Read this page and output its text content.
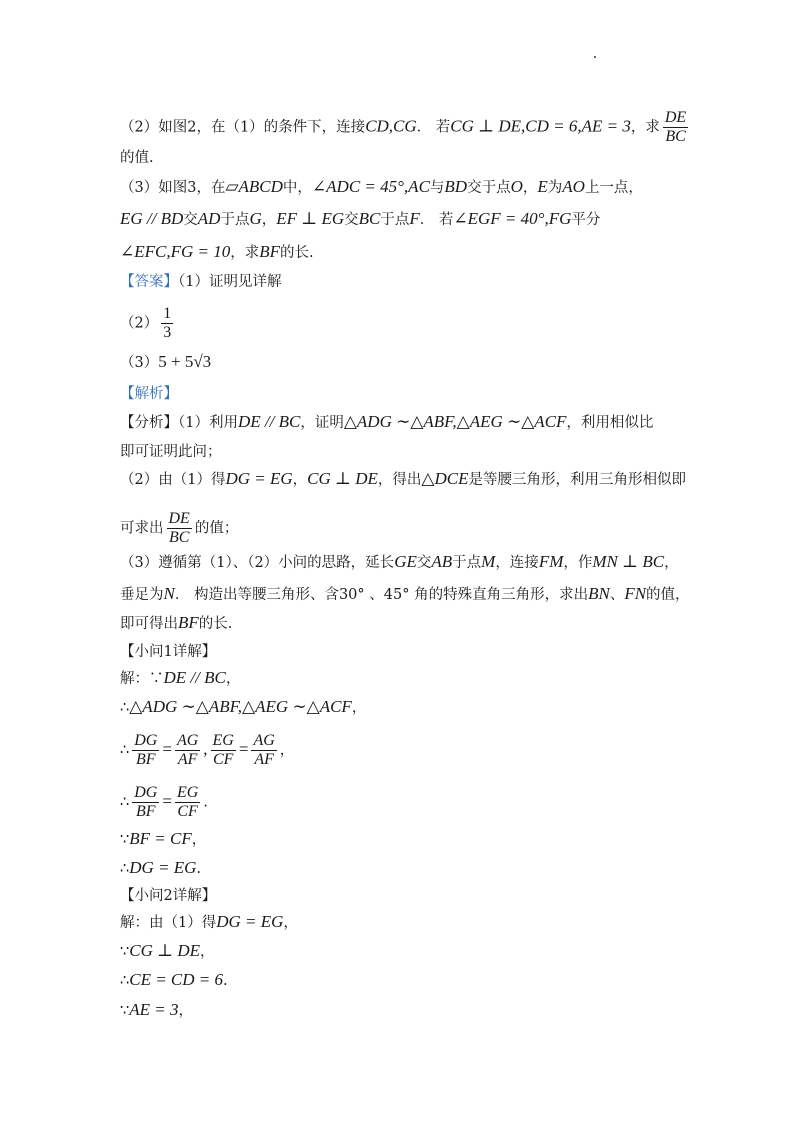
（2）如图2，在（1）的条件下，连接CD,CG． 若CG ⊥ DE,CD = 6,AE = 3，求 $\frac{DE}{BC}$
的值.
（3）如图3，在▱ABCD中，∠ADC = 45°,AC与BD交于点O，E为AO上一点，
EG // BD交AD于点G，EF ⊥ EG交BC于点F． 若∠EGF = 40°,FG平分
∠EFC,FG = 10，求BF的长.
【答案】（1）证明见详解
$(2) \frac{1}{3}$
（3）5 + 5√3
【解析】
【分析】（1）利用DE // BC，证明△ADG ∼△ABF,△AEG ∼△ACF，利用相似比
即可证明此问；
（2）由（1）得DG = EG，CG ⊥ DE，得出△DCE是等腰三角形，利用三角形相似即
可求出 $\frac{DE}{BC}$ 的值；
（3）遵循第（1）、（2）小问的思路，延长GE交AB于点M，连接FM，作MN ⊥ BC，
垂足为N． 构造出等腰三角形、含30° 、45° 角的特殊直角三角形，求出BN、FN的值，
即可得出BF的长.
【小问1详解】
解：∵DE // BC，
∴△ADG ∼△ABF,△AEG ∼△ACF，
∴ $\frac{DG}{BF} = \frac{AG}{AF}$ , $\frac{EG}{CF} = \frac{AG}{AF}$ ，
∴ $\frac{DG}{BF} = \frac{EG}{CF}$ .
∵BF = CF，
∴DG = EG.
【小问2详解】
解：由（1）得DG = EG，
∵CG ⊥ DE，
∴CE = CD = 6.
∵AE = 3，
